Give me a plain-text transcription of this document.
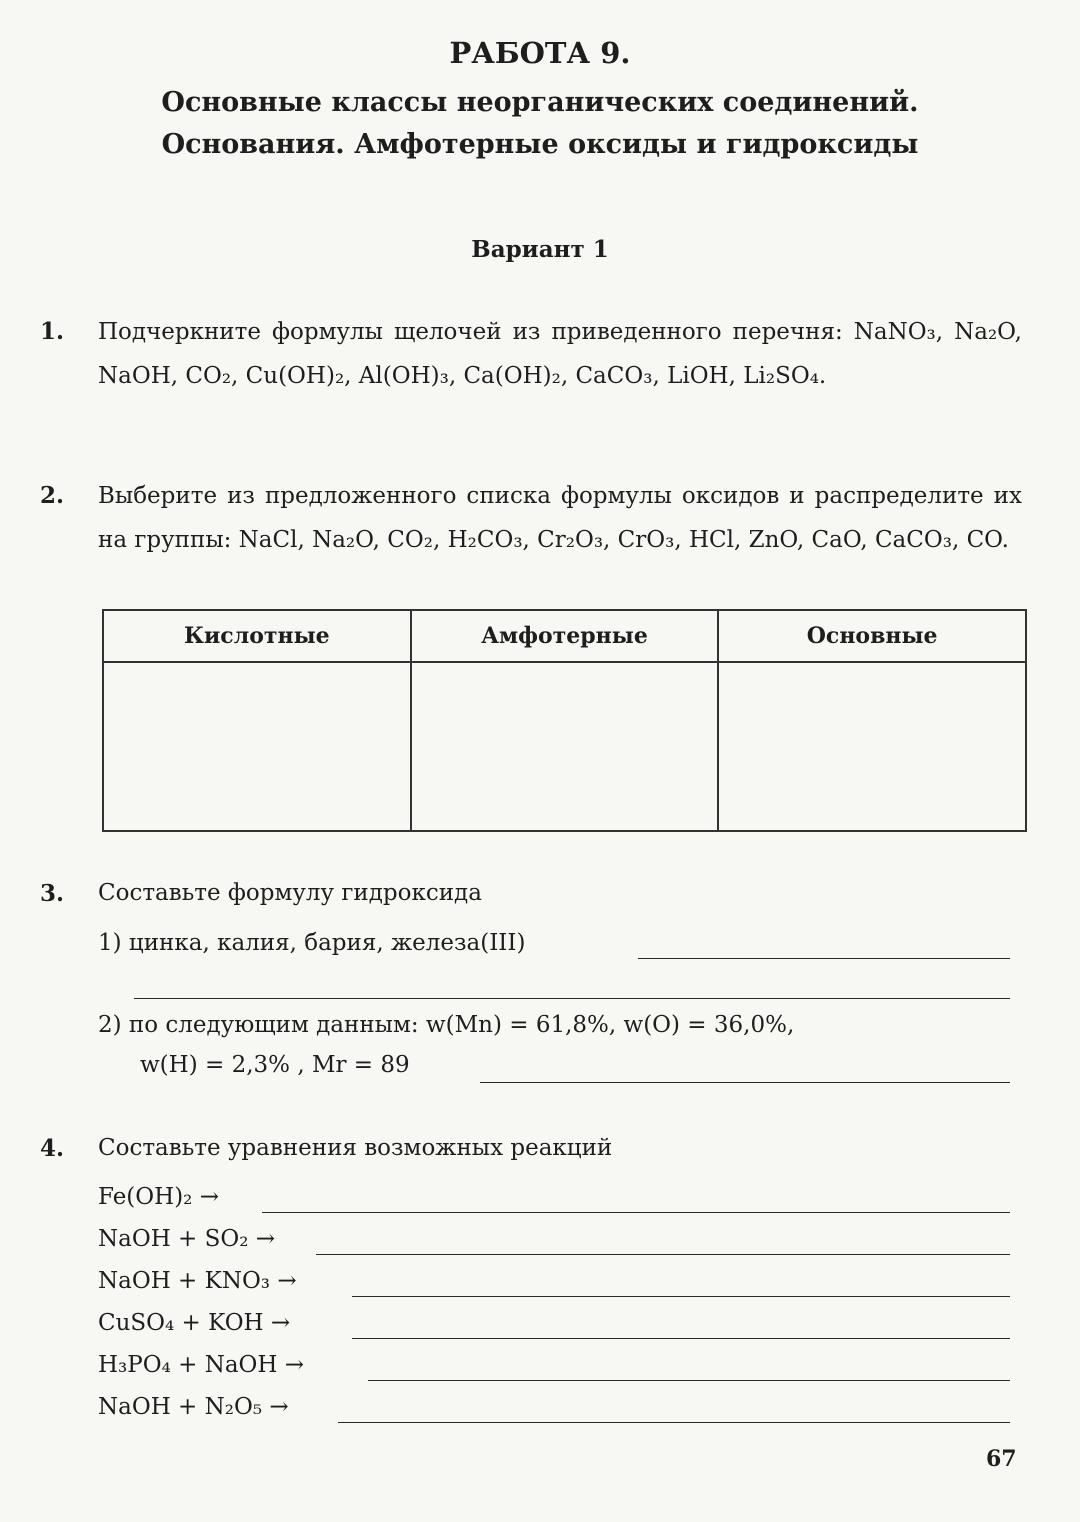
РАБОТА 9.
Основные классы неорганических соединений.
Основания. Амфотерные оксиды и гидроксиды
Вариант 1
1. Подчеркните формулы щелочей из приведенного перечня: NaNO₃, Na₂O, NaOH, CO₂, Cu(OH)₂, Al(OH)₃, Ca(OH)₂, CaCO₃, LiOH, Li₂SO₄.
2. Выберите из предложенного списка формулы оксидов и распределите их на группы: NaCl, Na₂O, CO₂, H₂CO₃, Cr₂O₃, CrO₃, HCl, ZnO, CaO, CaCO₃, CO.
Кислотные	Амфотерные	Основные

3. Составьте формулу гидроксида
1) цинка, калия, бария, железа(III)
2) по следующим данным: w(Mn) = 61,8%, w(O) = 36,0%,
w(H) = 2,3% , Mr = 89
4. Составьте уравнения возможных реакций
Fe(OH)₂ →
NaOH + SO₂ →
NaOH + KNO₃ →
CuSO₄ + KOH →
H₃PO₄ + NaOH →
NaOH + N₂O₅ →
67
